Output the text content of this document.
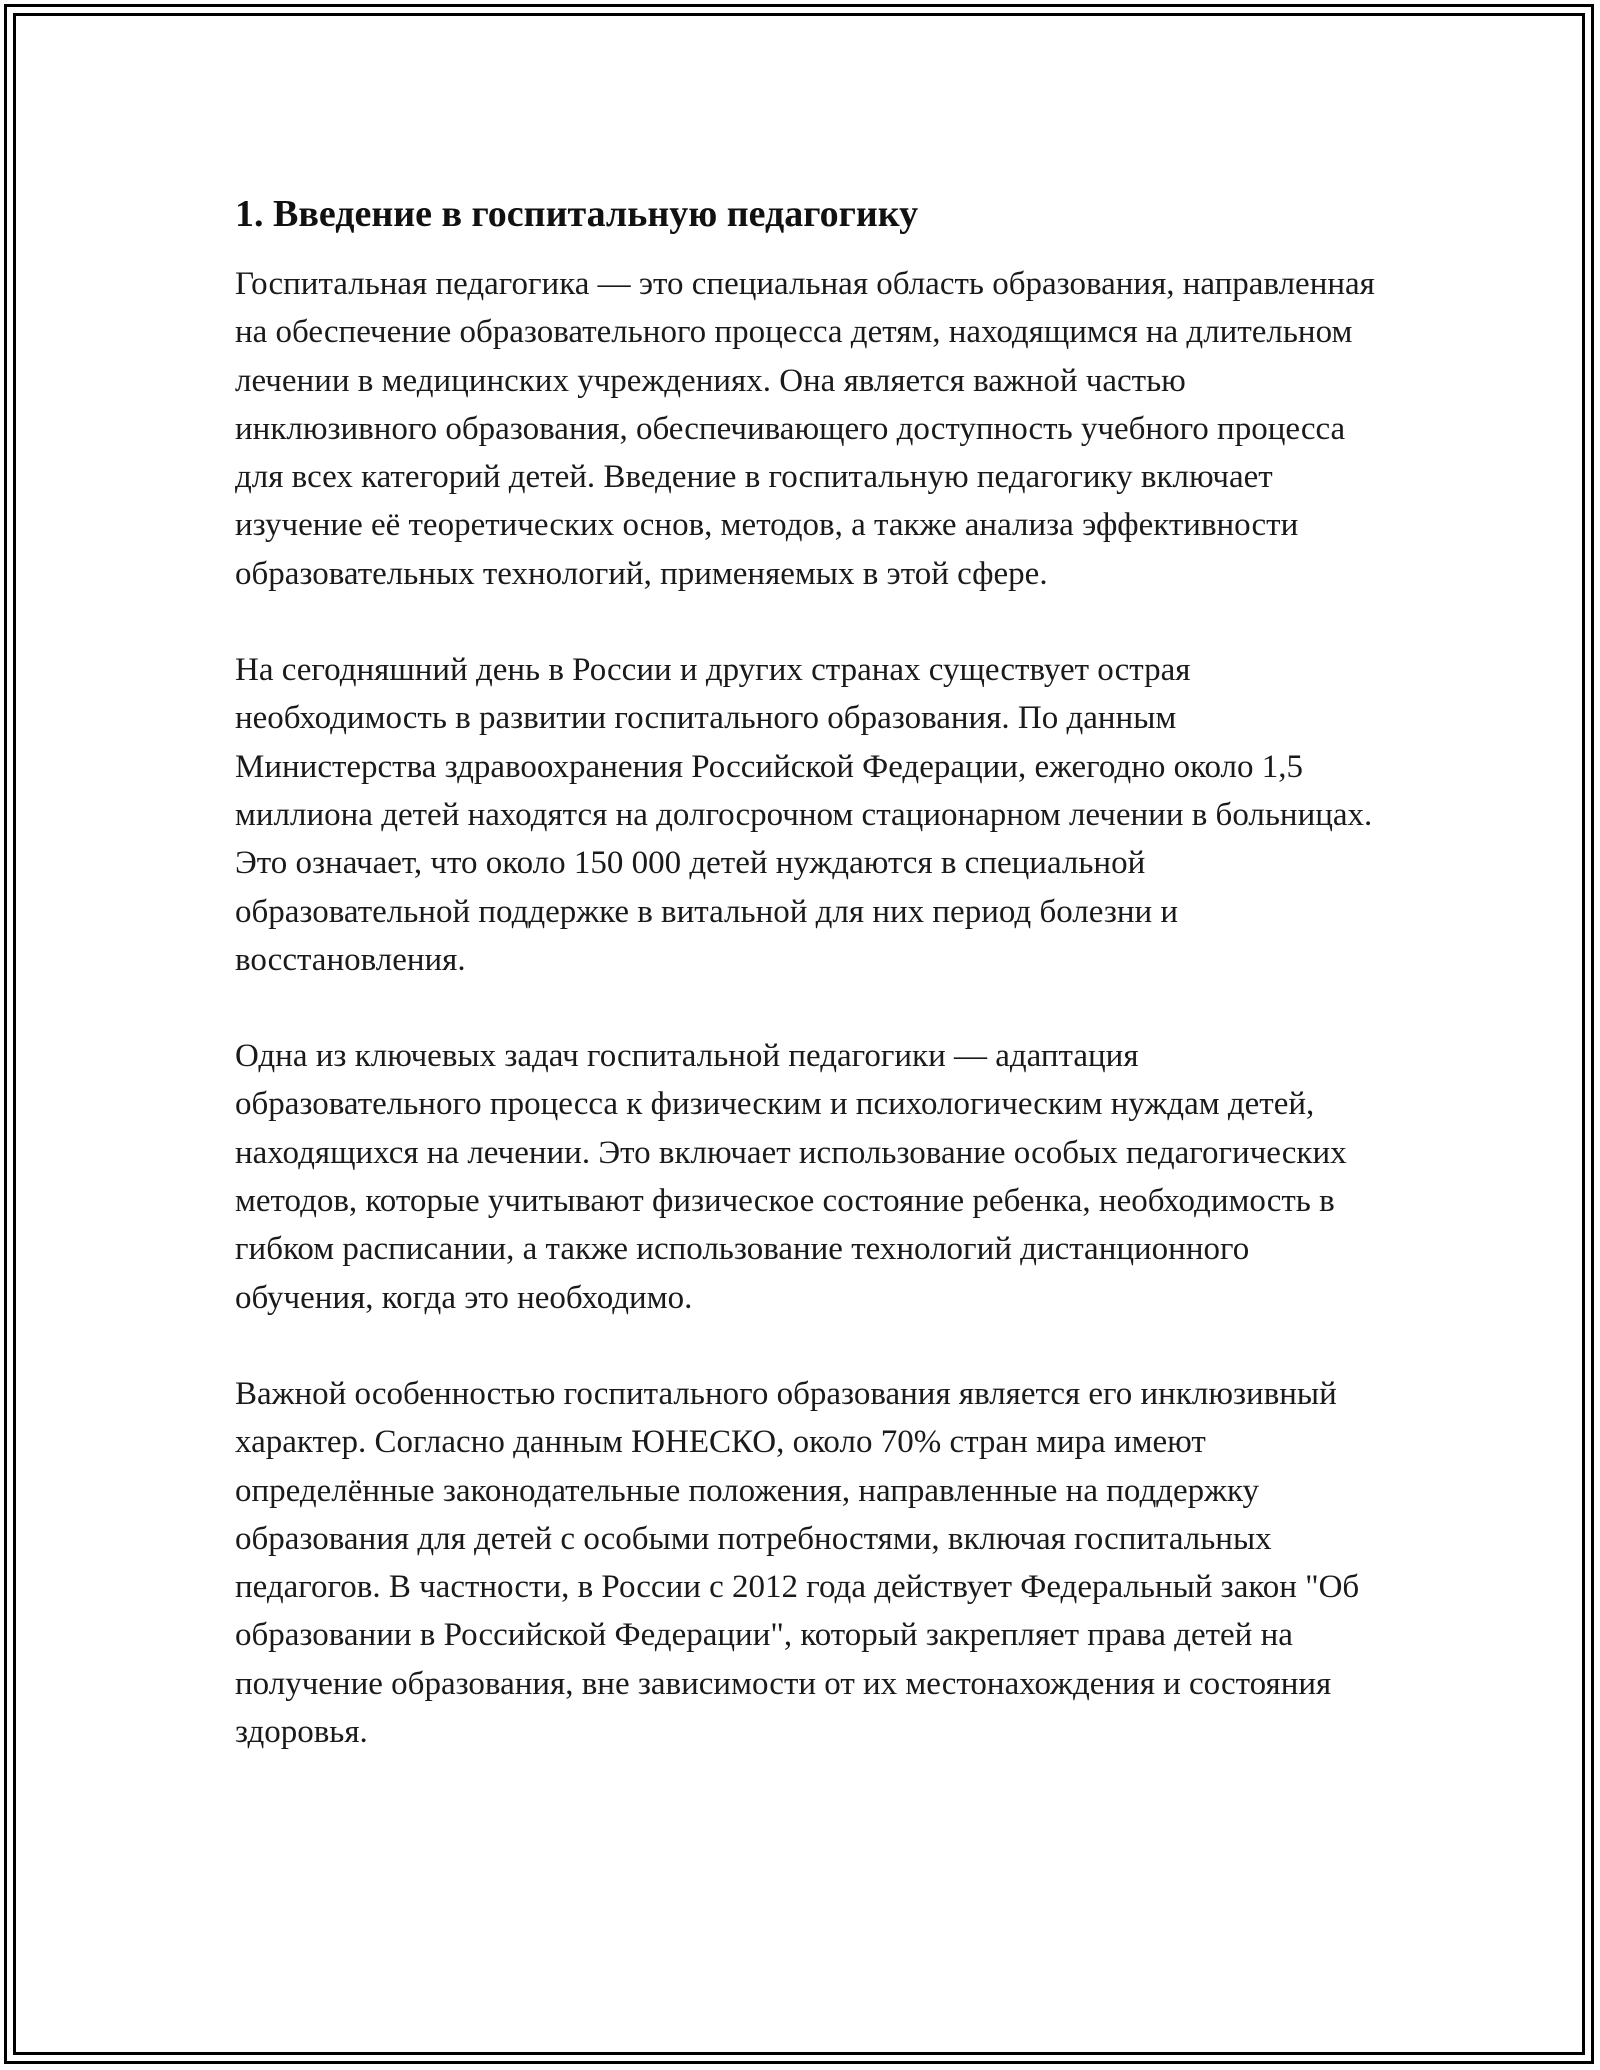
1. Введение в госпитальную педагогику

Госпитальная педагогика — это специальная область образования, направленная на обеспечение образовательного процесса детям, находящимся на длительном лечении в медицинских учреждениях. Она является важной частью инклюзивного образования, обеспечивающего доступность учебного процесса для всех категорий детей. Введение в госпитальную педагогику включает изучение её теоретических основ, методов, а также анализа эффективности образовательных технологий, применяемых в этой сфере.

На сегодняшний день в России и других странах существует острая необходимость в развитии госпитального образования. По данным Министерства здравоохранения Российской Федерации, ежегодно около 1,5 миллиона детей находятся на долгосрочном стационарном лечении в больницах. Это означает, что около 150 000 детей нуждаются в специальной образовательной поддержке в витальной для них период болезни и восстановления.

Одна из ключевых задач госпитальной педагогики — адаптация образовательного процесса к физическим и психологическим нуждам детей, находящихся на лечении. Это включает использование особых педагогических методов, которые учитывают физическое состояние ребенка, необходимость в гибком расписании, а также использование технологий дистанционного обучения, когда это необходимо.

Важной особенностью госпитального образования является его инклюзивный характер. Согласно данным ЮНЕСКО, около 70% стран мира имеют определённые законодательные положения, направленные на поддержку образования для детей с особыми потребностями, включая госпитальных педагогов. В частности, в России с 2012 года действует Федеральный закон "Об образовании в Российской Федерации", который закрепляет права детей на получение образования, вне зависимости от их местонахождения и состояния здоровья.
